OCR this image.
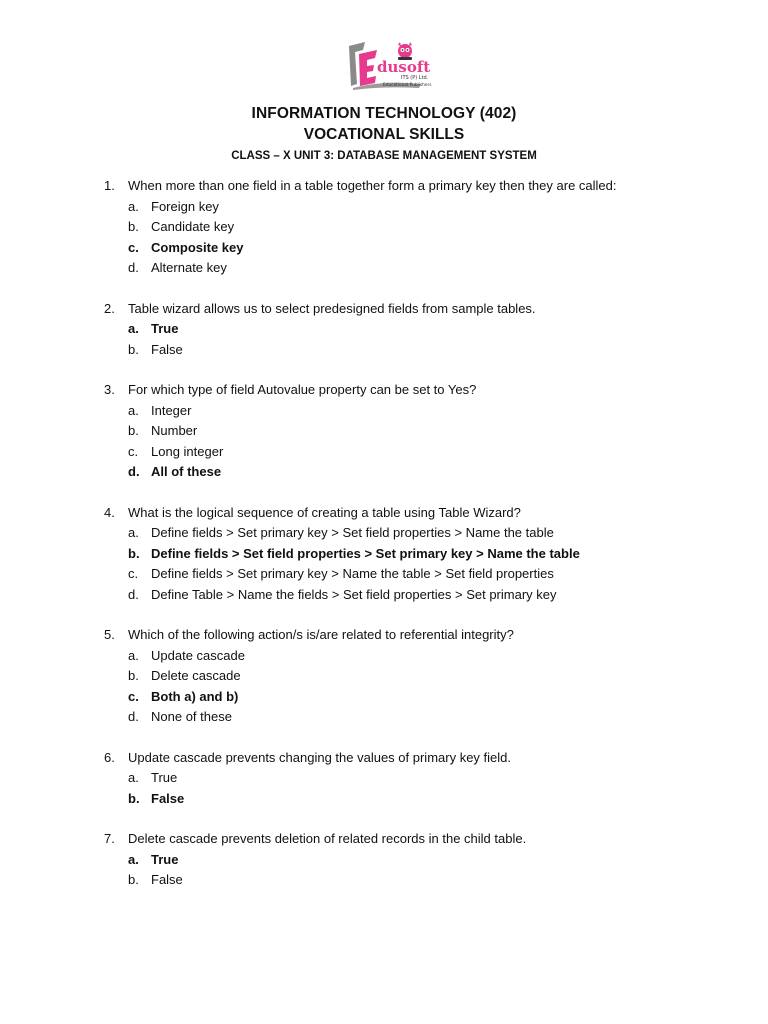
dusoft
ITS (P) Ltd.
Educational Publishers
INFORMATION TECHNOLOGY (402)
VOCATIONAL SKILLS
CLASS – X UNIT 3: DATABASE MANAGEMENT SYSTEM
1. When more than one field in a table together form a primary key then they are called:
a. Foreign key
b. Candidate key
c. Composite key
d. Alternate key
2. Table wizard allows us to select predesigned fields from sample tables.
a. True
b. False
3. For which type of field Autovalue property can be set to Yes?
a. Integer
b. Number
c. Long integer
d. All of these
4. What is the logical sequence of creating a table using Table Wizard?
a. Define fields > Set primary key > Set field properties > Name the table
b. Define fields > Set field properties > Set primary key > Name the table
c. Define fields > Set primary key > Name the table > Set field properties
d. Define Table > Name the fields > Set field properties > Set primary key
5. Which of the following action/s is/are related to referential integrity?
a. Update cascade
b. Delete cascade
c. Both a) and b)
d. None of these
6. Update cascade prevents changing the values of primary key field.
a. True
b. False
7. Delete cascade prevents deletion of related records in the child table.
a. True
b. False
